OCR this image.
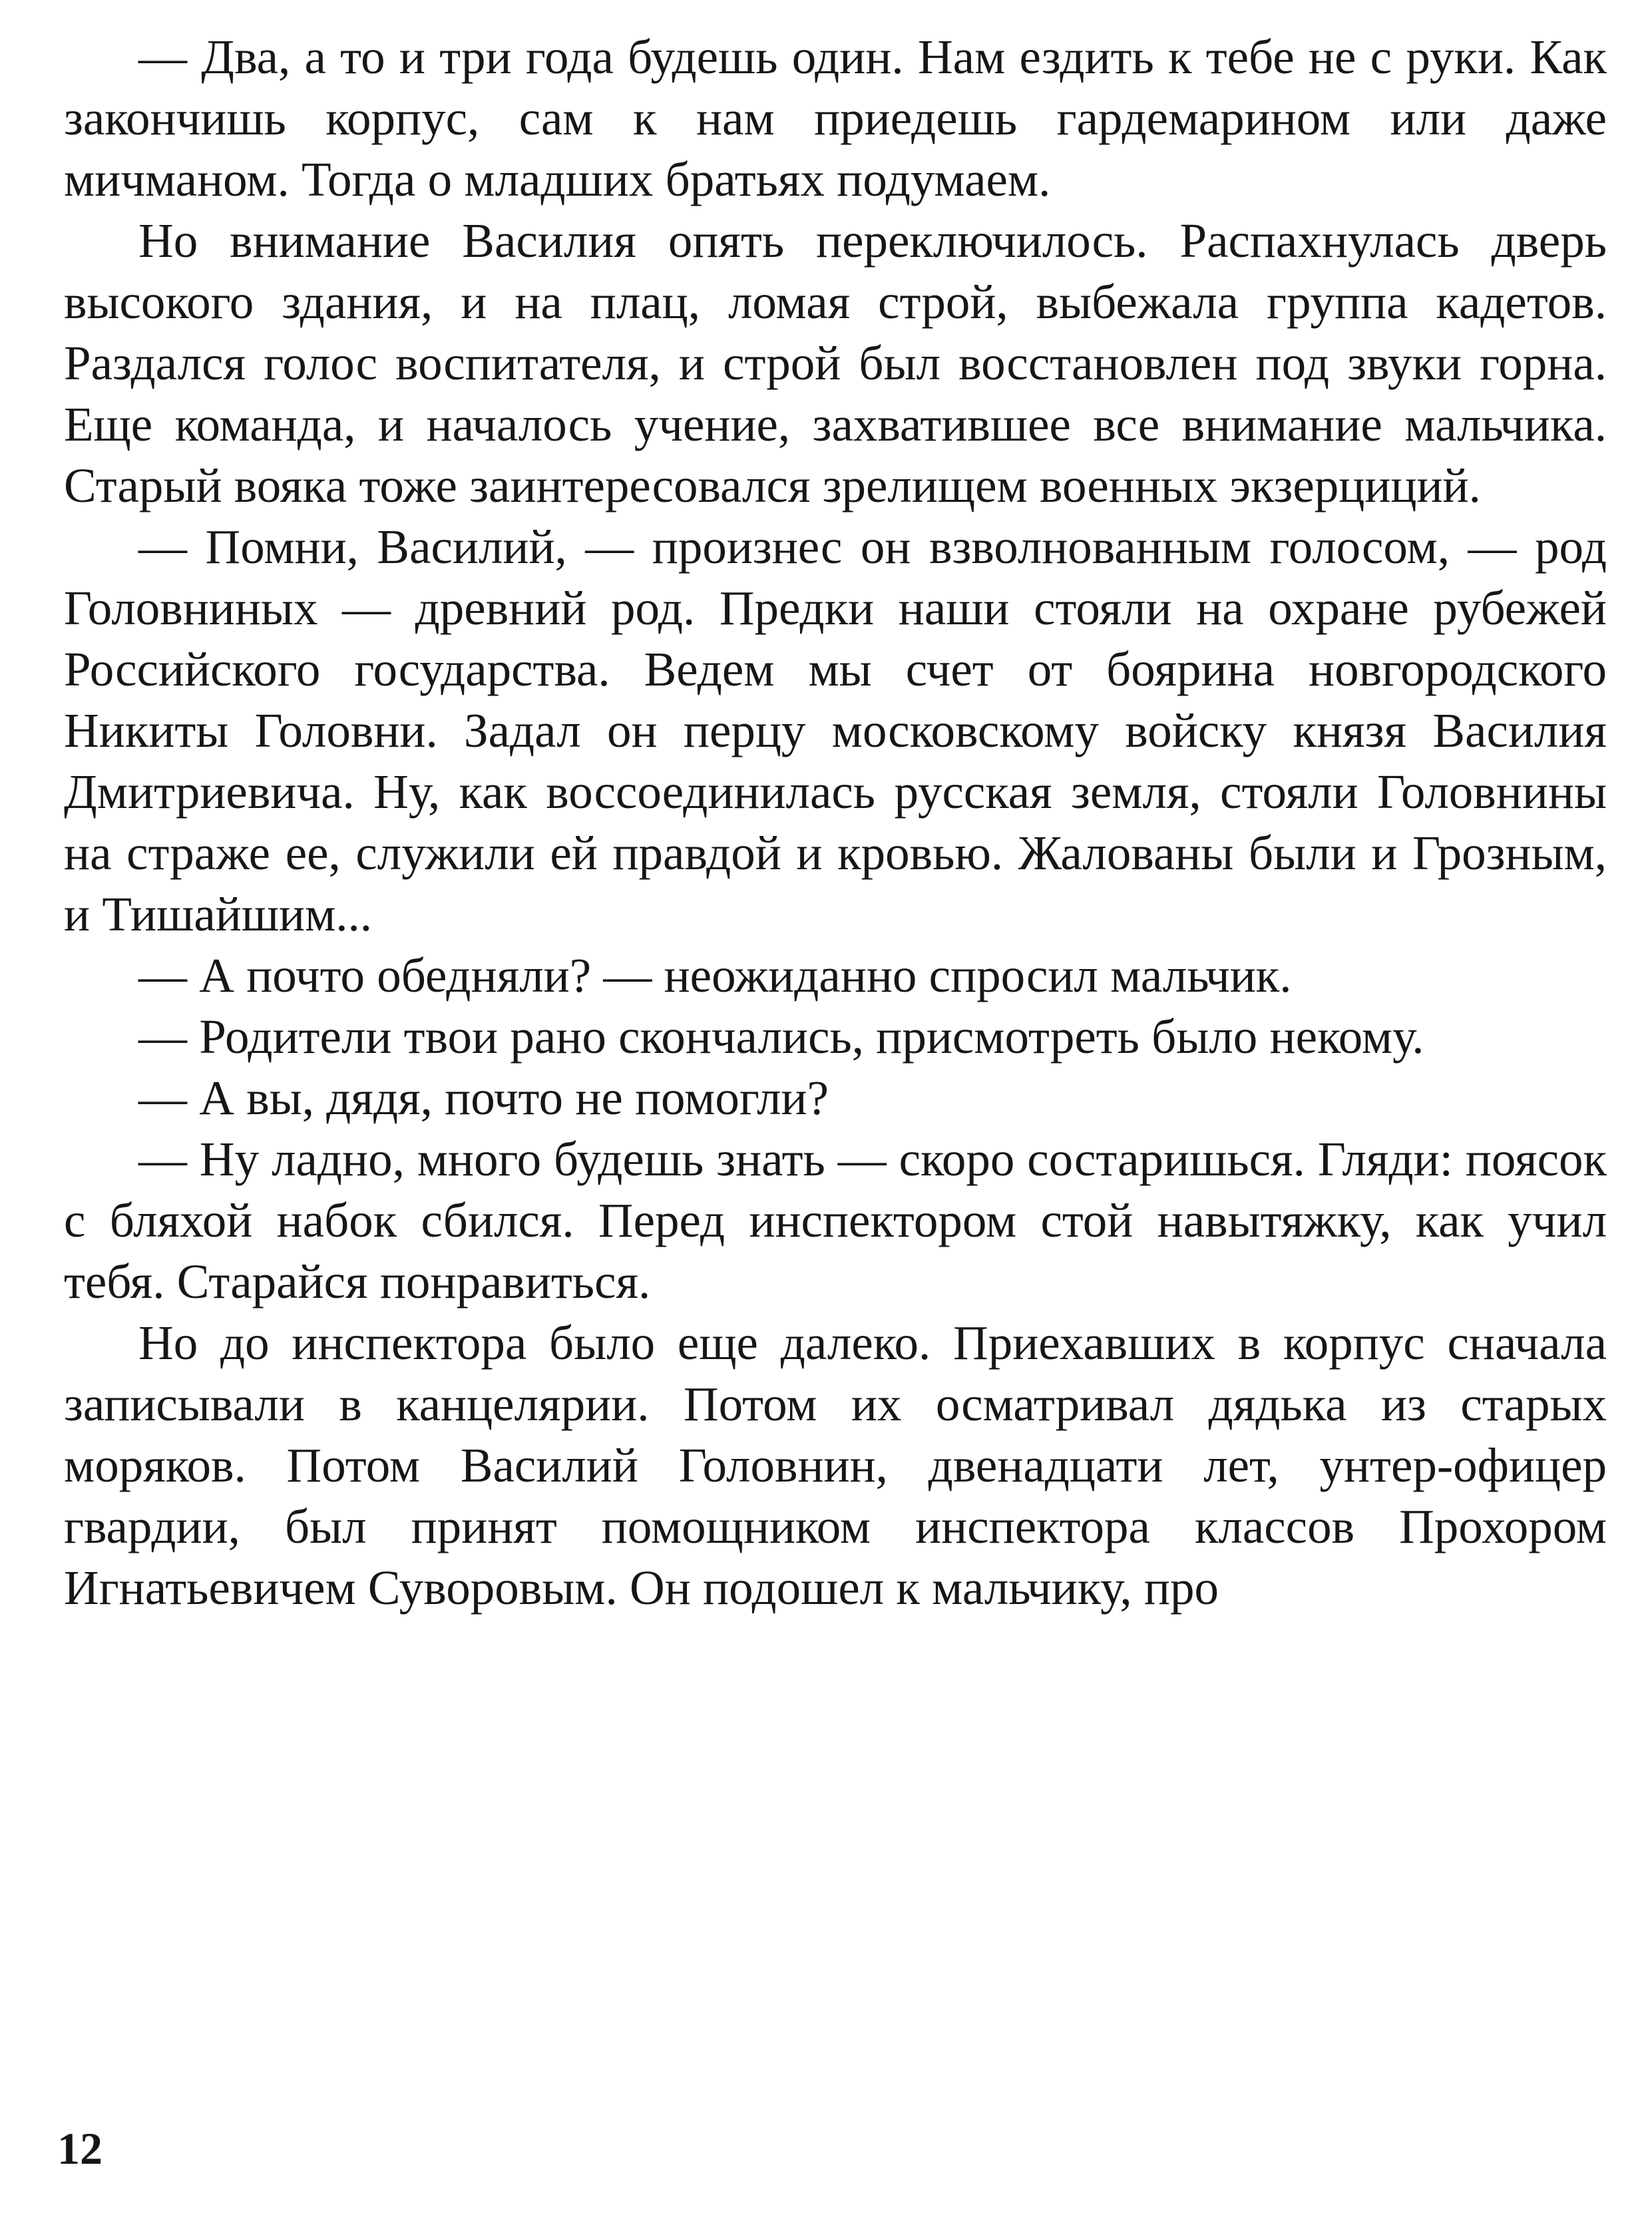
— Два, а то и три года будешь один. Нам ездить к тебе не с руки. Как закончишь корпус, сам к нам приедешь гардемарином или даже мичманом. Тогда о младших братьях подумаем.

Но внимание Василия опять переключилось. Распахнулась дверь высокого здания, и на плац, ломая строй, выбежала группа кадетов. Раздался голос воспитателя, и строй был восстановлен под звуки горна. Еще команда, и началось учение, захватившее все внимание мальчика. Старый вояка тоже заинтересовался зрелищем военных экзерциций.

— Помни, Василий, — произнес он взволнованным голосом, — род Головниных — древний род. Предки наши стояли на охране рубежей Российского государства. Ведем мы счет от боярина новгородского Никиты Головни. Задал он перцу московскому войску князя Василия Дмитриевича. Ну, как воссоединилась русская земля, стояли Головнины на страже ее, служили ей правдой и кровью. Жалованы были и Грозным, и Тишайшим...

— А почто обедняли? — неожиданно спросил мальчик.

— Родители твои рано скончались, присмотреть было некому.

— А вы, дядя, почто не помогли?

— Ну ладно, много будешь знать — скоро состаришься. Гляди: поясок с бляхой набок сбился. Перед инспектором стой навытяжку, как учил тебя. Старайся понравиться.

Но до инспектора было еще далеко. Приехавших в корпус сначала записывали в канцелярии. Потом их осматривал дядька из старых моряков. Потом Василий Головнин, двенадцати лет, унтер-офицер гвардии, был принят помощником инспектора классов Прохором Игнатьевичем Суворовым. Он подошел к мальчику, про

12
